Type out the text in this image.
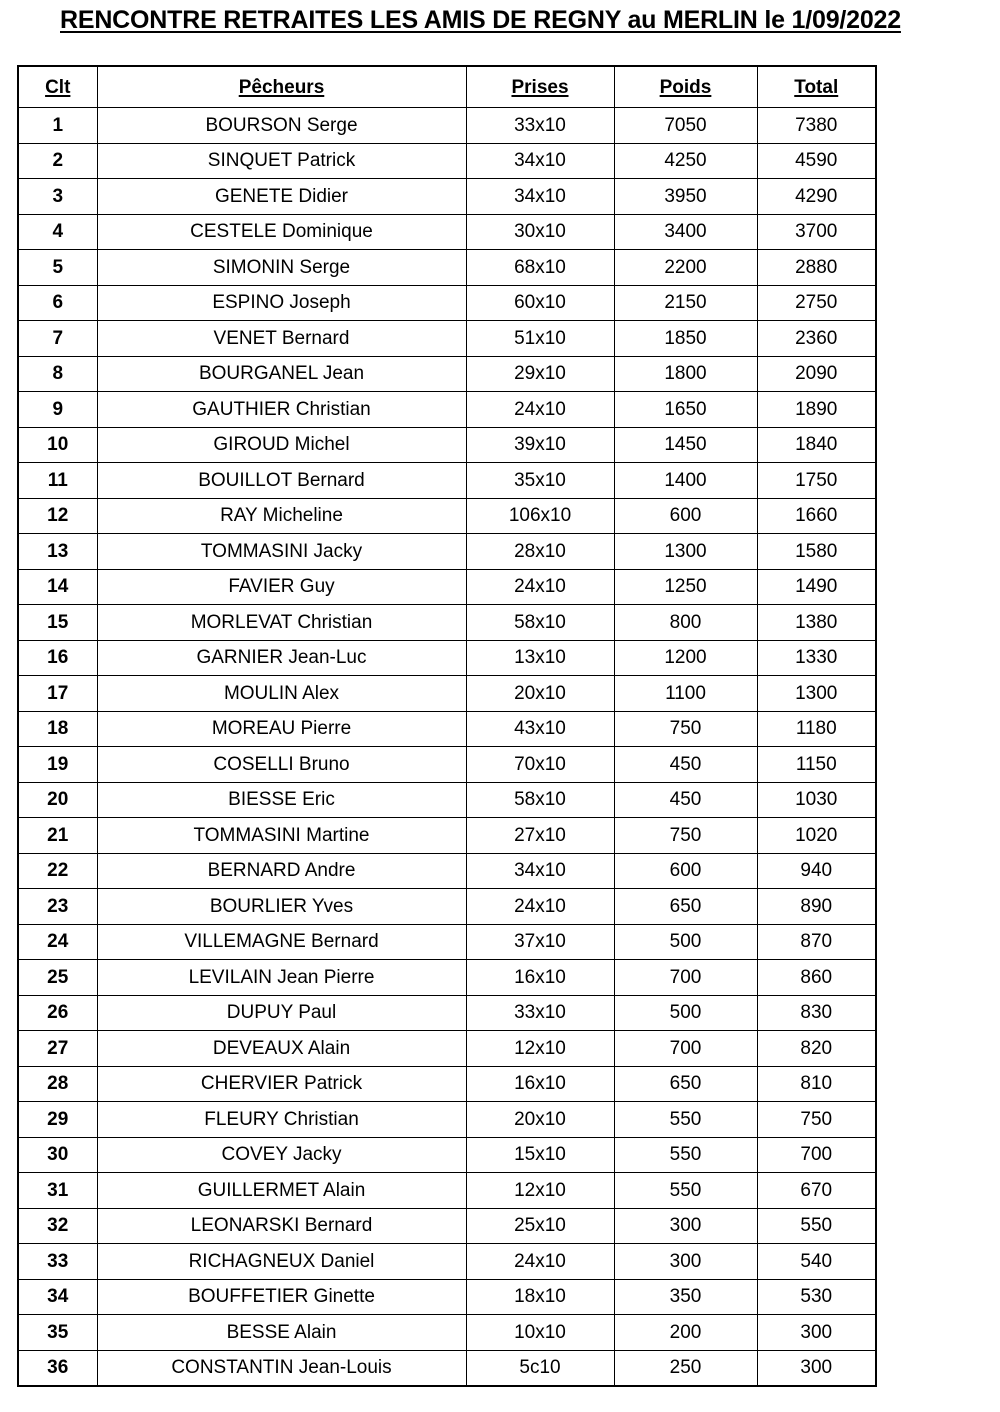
RENCONTRE RETRAITES LES AMIS DE REGNY au MERLIN le 1/09/2022
Clt	Pêcheurs	Prises	Poids	Total
1	BOURSON Serge	33x10	7050	7380
2	SINQUET Patrick	34x10	4250	4590
3	GENETE Didier	34x10	3950	4290
4	CESTELE Dominique	30x10	3400	3700
5	SIMONIN Serge	68x10	2200	2880
6	ESPINO Joseph	60x10	2150	2750
7	VENET Bernard	51x10	1850	2360
8	BOURGANEL Jean	29x10	1800	2090
9	GAUTHIER Christian	24x10	1650	1890
10	GIROUD Michel	39x10	1450	1840
11	BOUILLOT Bernard	35x10	1400	1750
12	RAY Micheline	106x10	600	1660
13	TOMMASINI Jacky	28x10	1300	1580
14	FAVIER Guy	24x10	1250	1490
15	MORLEVAT Christian	58x10	800	1380
16	GARNIER Jean-Luc	13x10	1200	1330
17	MOULIN Alex	20x10	1100	1300
18	MOREAU Pierre	43x10	750	1180
19	COSELLI Bruno	70x10	450	1150
20	BIESSE Eric	58x10	450	1030
21	TOMMASINI Martine	27x10	750	1020
22	BERNARD Andre	34x10	600	940
23	BOURLIER Yves	24x10	650	890
24	VILLEMAGNE Bernard	37x10	500	870
25	LEVILAIN Jean Pierre	16x10	700	860
26	DUPUY Paul	33x10	500	830
27	DEVEAUX Alain	12x10	700	820
28	CHERVIER Patrick	16x10	650	810
29	FLEURY Christian	20x10	550	750
30	COVEY Jacky	15x10	550	700
31	GUILLERMET Alain	12x10	550	670
32	LEONARSKI Bernard	25x10	300	550
33	RICHAGNEUX Daniel	24x10	300	540
34	BOUFFETIER Ginette	18x10	350	530
35	BESSE Alain	10x10	200	300
36	CONSTANTIN Jean-Louis	5c10	250	300
